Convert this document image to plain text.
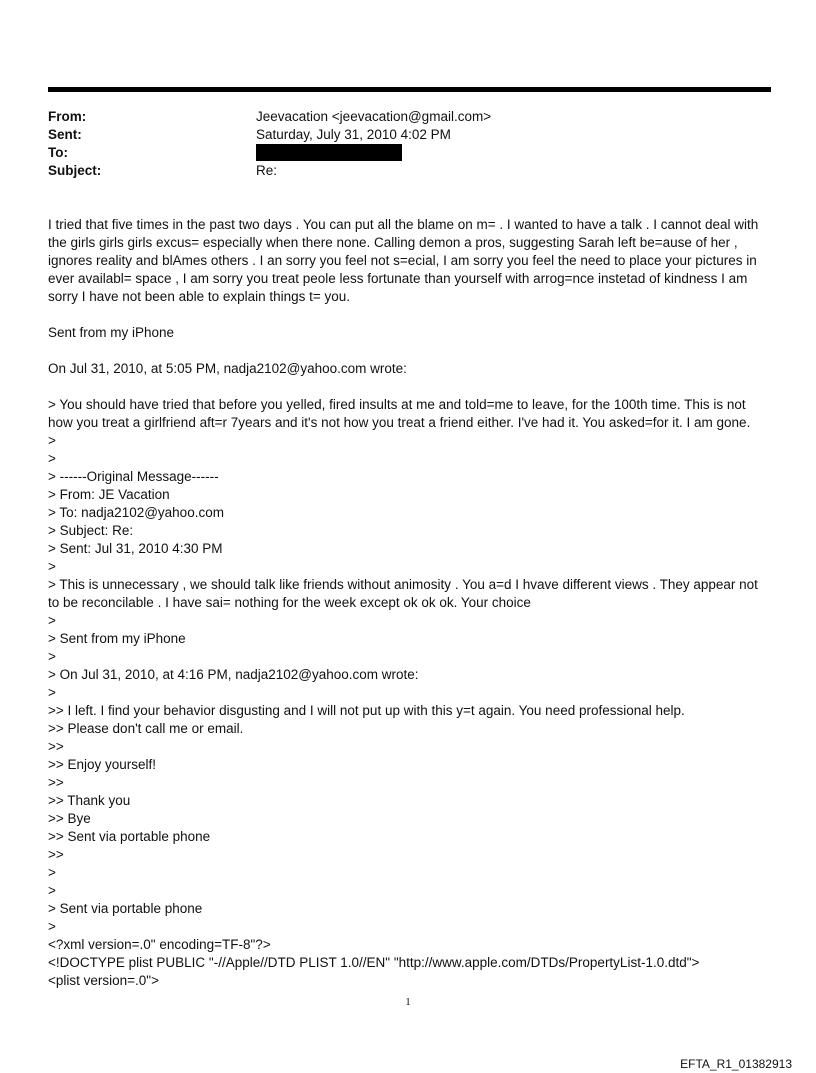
From:	Jeevacation <jeevacation@gmail.com>
Sent:	Saturday, July 31, 2010 4:02 PM
To:
Subject:	Re:
I tried that five times in the past two days . You can put all the blame on m= . I wanted to have a talk . I cannot deal with the girls girls girls excus= especially when there none. Calling demon a pros, suggesting Sarah left be=ause of her , ignores reality and blAmes others . I an sorry you feel not s=ecial, I am sorry you feel the need to place your pictures in ever availabl= space , I am sorry you treat peole less fortunate than yourself with arrog=nce instetad of kindness I am sorry I have not been able to explain things t= you.
Sent from my iPhone
On Jul 31, 2010, at 5:05 PM, nadja2102@yahoo.com wrote:
> You should have tried that before you yelled, fired insults at me and told=me to leave, for the 100th time. This is not how you treat a girlfriend aft=r 7years and it's not how you treat a friend either. I've had it. You asked=for it. I am gone.
>
>
> ------Original Message------
> From: JE Vacation
> To: nadja2102@yahoo.com
> Subject: Re:
> Sent: Jul 31, 2010 4:30 PM
>
> This is unnecessary , we should talk like friends without animosity . You a=d I hvave different views . They appear not to be reconcilable . I have sai= nothing for the week except ok ok ok. Your choice
>
> Sent from my iPhone
>
> On Jul 31, 2010, at 4:16 PM, nadja2102@yahoo.com wrote:
>
>> I left. I find your behavior disgusting and I will not put up with this y=t again. You need professional help.
>> Please don't call me or email.
>>
>> Enjoy yourself!
>>
>> Thank you
>> Bye
>> Sent via portable phone
>>
>
>
> Sent via portable phone
>
<?xml version=.0" encoding=TF-8"?>
<!DOCTYPE plist PUBLIC "-//Apple//DTD PLIST 1.0//EN" "http://www.apple.com/DTDs/PropertyList-1.0.dtd">
<plist version=.0">
1
EFTA_R1_01382913
